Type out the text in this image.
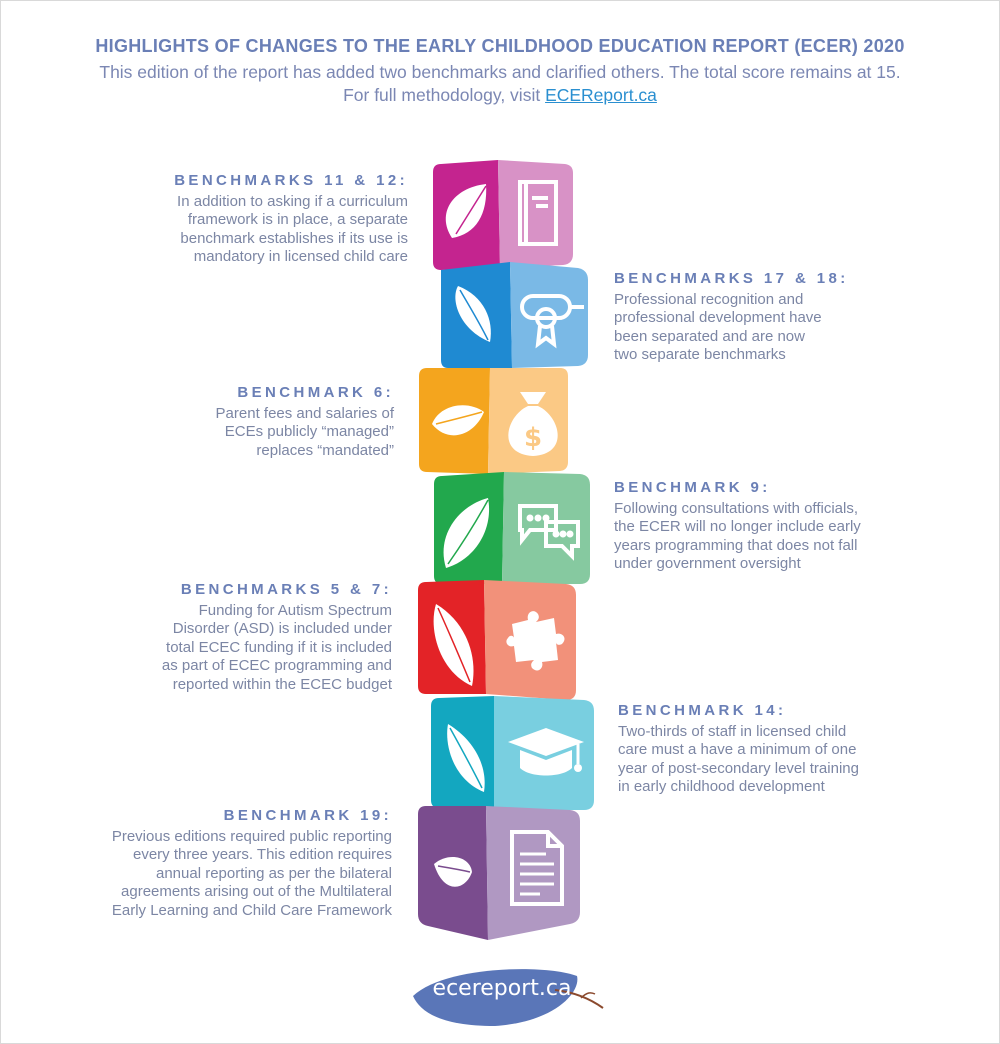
HIGHLIGHTS OF CHANGES TO THE EARLY CHILDHOOD EDUCATION REPORT (ECER) 2020

This edition of the report has added two benchmarks and clarified others. The total score remains at 15.

For full methodology, visit ECEReport.ca

BENCHMARKS 11 & 12:
In addition to asking if a curriculum
framework is in place, a separate
benchmark establishes if its use is
mandatory in licensed child care
BENCHMARKS 17 & 18:
Professional recognition and
professional development have
been separated and are now
two separate benchmarks
BENCHMARK 6:
Parent fees and salaries of
ECEs publicly “managed”
replaces “mandated”
BENCHMARK 9:
Following consultations with officials,
the ECER will no longer include early
years programming that does not fall
under government oversight
BENCHMARKS 5 & 7:
Funding for Autism Spectrum
Disorder (ASD) is included under
total ECEC funding if it is included
as part of ECEC programming and
reported within the ECEC budget
BENCHMARK 14:
Two-thirds of staff in licensed child
care must a have a minimum of one
year of post-secondary level training
in early childhood development
BENCHMARK 19:
Previous editions required public reporting
every three years. This edition requires
annual reporting as per the bilateral
agreements arising out of the Multilateral
Early Learning and Child Care Framework
$
ecereport.ca
